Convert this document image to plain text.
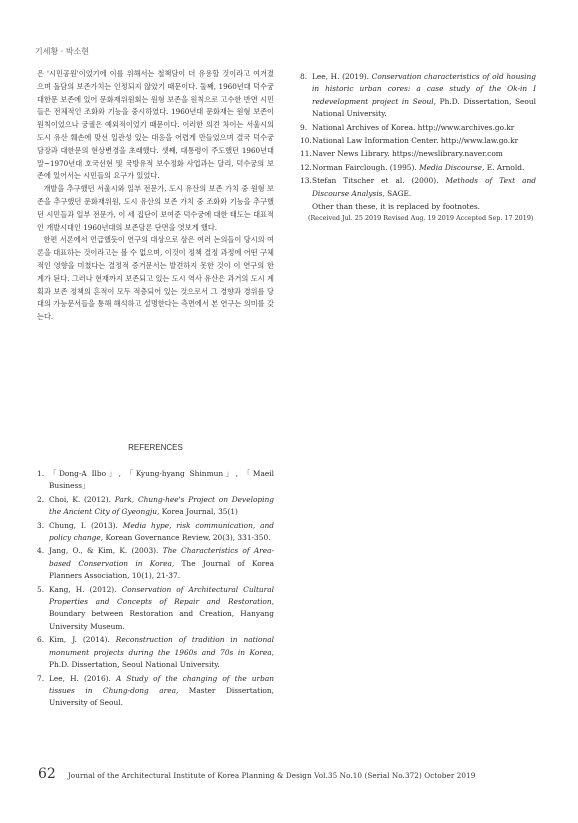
기세황 · 박소현

은 '시민공원'이었기에 이를 위해서는 철책담이 더 유용할 것이라고 여겨졌으며 돌담의 보존가치는 인정되지 않았기 때문이다. 둘째, 1960년대 덕수궁 대한문 보존에 있어 문화재위원회는 원형 보존을 원칙으로 고수한 반면 시민들은 전체적인 조화와 기능을 중시하였다. 1960년대 문화재는 원형 보존이 원칙이었으나 궁궐은 예외적이었기 때문이다. 이러한 의견 차이는 서울시의 도시 유산 훼손에 맞선 일관성 있는 대응을 어렵게 만들었으며 결국 덕수궁 담장과 대한문의 현상변경을 초래했다. 셋째, 대통령이 주도했던 1960년대 말~1970년대 호국선현 및 국방유적 보수정화 사업과는 달리, 덕수궁의 보존에 있어서는 시민들의 요구가 있었다.

개발을 추구했던 서울시와 일부 전문가, 도시 유산의 보존 가치 중 원형 보존을 추구했던 문화재위원, 도시 유산의 보존 가치 중 조화와 기능을 추구했던 시민들과 일부 전문가, 이 세 집단이 보여준 덕수궁에 대한 태도는 대표적인 개발시대인 1960년대의 보존담론 단면을 엿보게 했다.

한편 서론에서 언급했듯이 연구의 대상으로 삼은 여러 논의들이 당시의 여론을 대표하는 것이라고는 볼 수 없으며, 이것이 정책 결정 과정에 어떤 구체적인 영향을 미쳤다는 결정적 증거문서는 발견하지 못한 것이 이 연구의 한계가 된다. 그러나 현재까지 보존되고 있는 도시 역사 유산은 과거의 도시 계획과 보존 정책의 흔적이 모두 적층되어 있는 것으로서 그 경향과 경위를 당대의 가능문서들을 통해 해석하고 설명한다는 측면에서 본 연구는 의미를 갖는다.

REFERENCES
1. 「Dong-A Ilbo」, 「Kyung-hyang Shinmun」, 「Maeil Business」
2. Choi, K. (2012). Park, Chung-hee's Project on Developing the Ancient City of Gyeongju, Korea Journal, 35(1)
3. Chung, I. (2013). Media hype, risk communication, and policy change, Korean Governance Review, 20(3), 331-350.
4. Jang, O., & Kim, K. (2003). The Characteristics of Area-based Conservation in Korea, The Journal of Korea Planners Association, 10(1), 21-37.
5. Kang, H. (2012). Conservation of Architectural Cultural Properties and Concepts of Repair and Restoration, Boundary between Restoration and Creation, Hanyang University Museum.
6. Kim, J. (2014). Reconstruction of tradition in national monument projects during the 1960s and 70s in Korea, Ph.D. Dissertation, Seoul National University.
7. Lee, H. (2016). A Study of the changing of the urban tissues in Chung-dong area, Master Dissertation, University of Seoul.
8. Lee, H. (2019). Conservation characteristics of old housing in historic urban cores: a case study of the Ok-in I redevelopment project in Seoul, Ph.D. Dissertation, Seoul National University.
9. National Archives of Korea. http://www.archives.go.kr
10. National Law Information Center. http://www.law.go.kr
11. Naver News Library. https://newslibrary.naver.com
12. Norman Fairclough. (1995). Media Discourse, E. Arnold.
13. Stefan Titscher et al. (2000). Methods of Text and Discourse Analysis, SAGE.
Other than these, it is replaced by footnotes.
(Received Jul. 25 2019 Revised Aug. 19 2019 Accepted Sep. 17 2019)
62 Journal of the Architectural Institute of Korea Planning & Design Vol.35 No.10 (Serial No.372) October 2019
